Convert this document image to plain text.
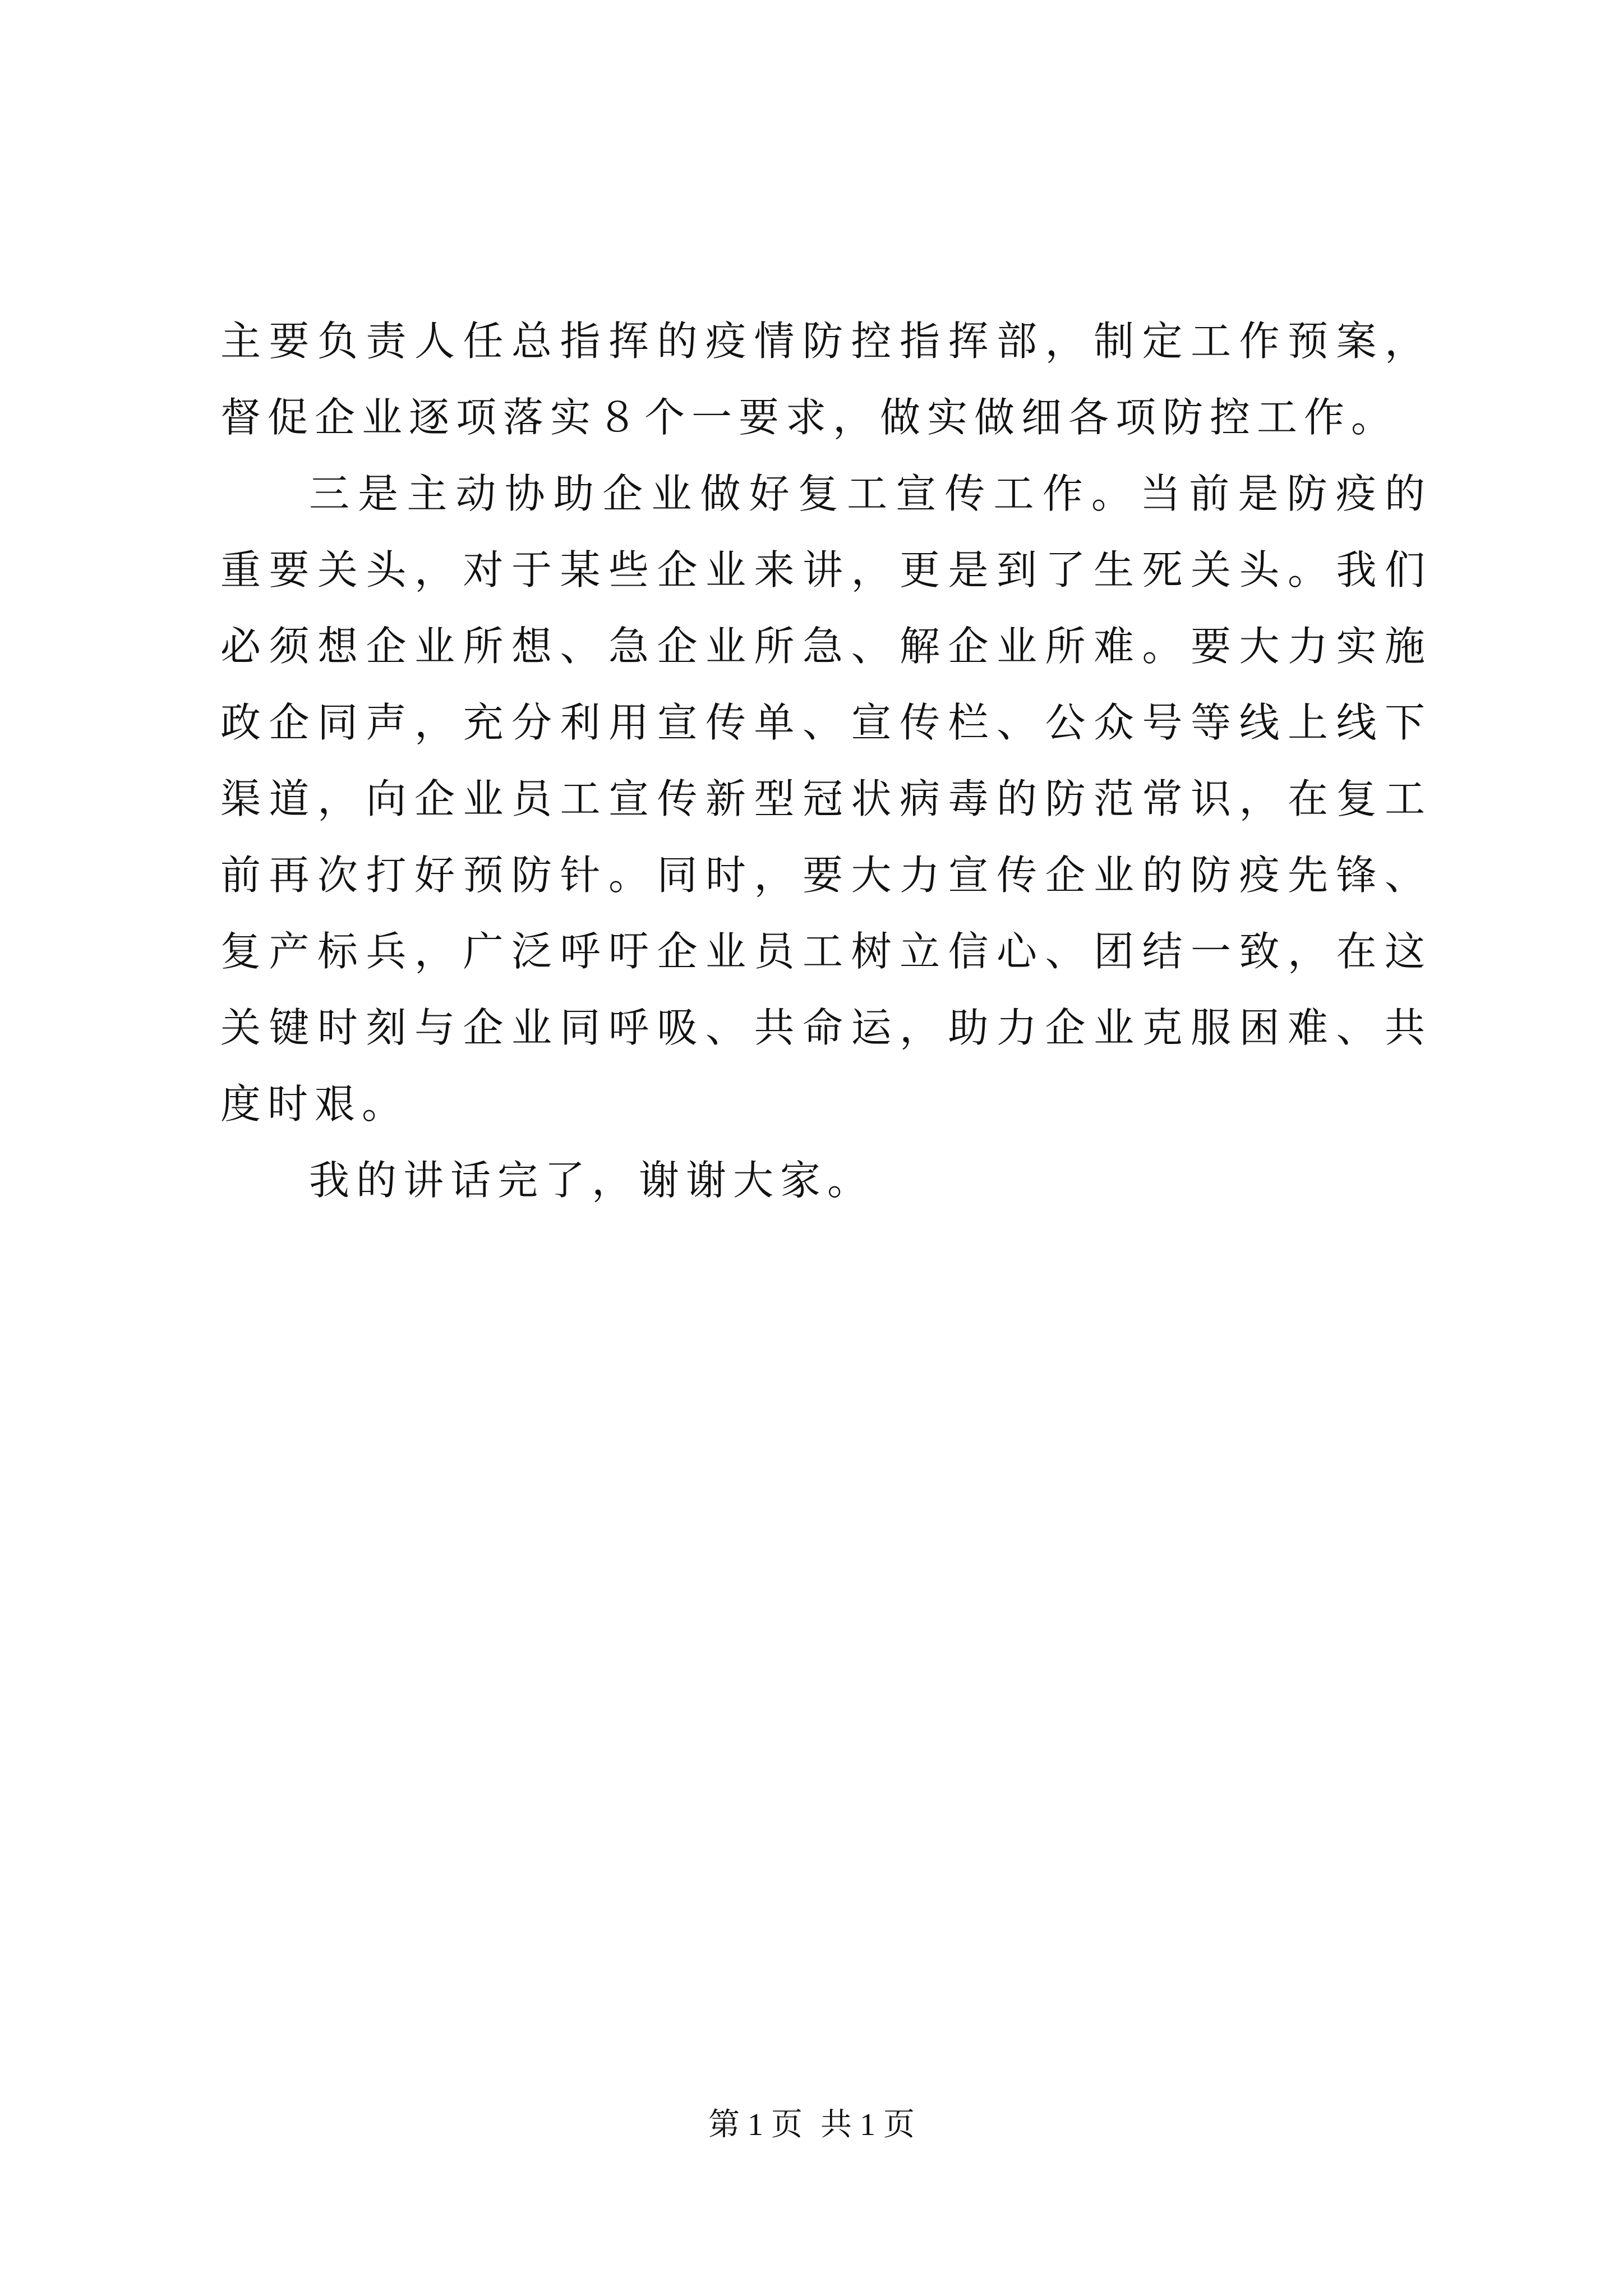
主要负责人任总指挥的疫情防控指挥部，制定工作预案，督促企业逐项落实８个一要求，做实做细各项防控工作。

三是主动协助企业做好复工宣传工作。当前是防疫的重要关头，对于某些企业来讲，更是到了生死关头。我们必须想企业所想、急企业所急、解企业所难。要大力实施政企同声，充分利用宣传单、宣传栏、公众号等线上线下渠道，向企业员工宣传新型冠状病毒的防范常识，在复工前再次打好预防针。同时，要大力宣传企业的防疫先锋、复产标兵，广泛呼吁企业员工树立信心、团结一致，在这关键时刻与企业同呼吸、共命运，助力企业克服困难、共度时艰。

我的讲话完了，谢谢大家。

第 1 页 共 1 页
